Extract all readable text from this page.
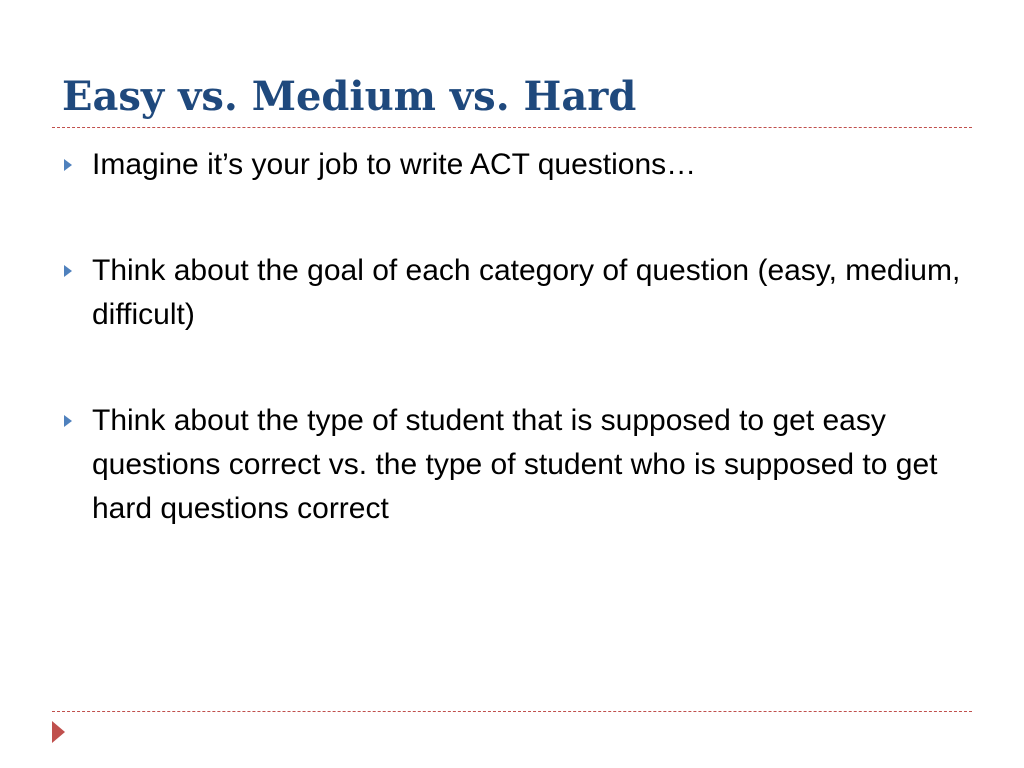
Easy vs. Medium vs. Hard
Imagine it’s your job to write ACT questions…
Think about the goal of each category of question (easy, medium, difficult)
Think about the type of student that is supposed to get easy questions correct vs. the type of student who is supposed to get hard questions correct
